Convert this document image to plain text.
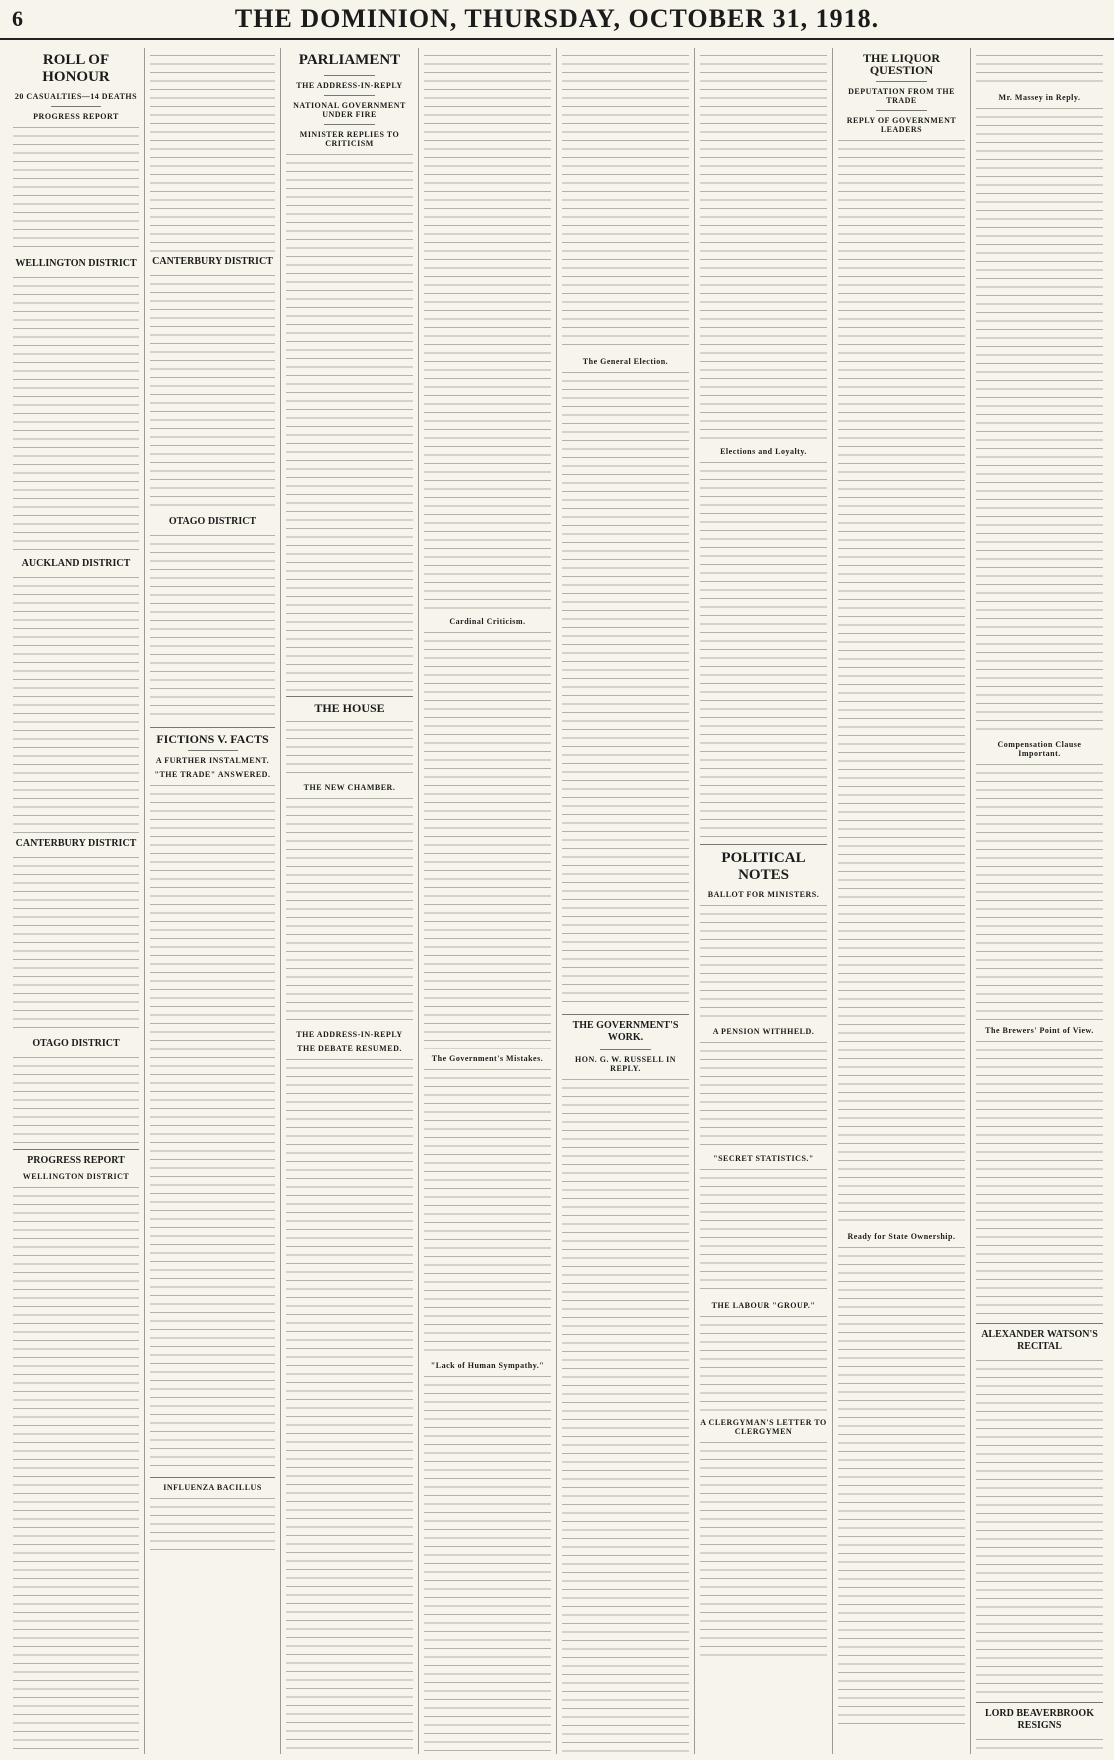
6	THE DOMINION, THURSDAY, OCTOBER 31, 1918.
ROLL OF HONOUR
20 CASUALTIES—14 DEATHS
PROGRESS REPORT
WELLINGTON DISTRICT
AUCKLAND DISTRICT
CANTERBURY DISTRICT
OTAGO DISTRICT
PROGRESS REPORT
WELLINGTON DISTRICT
CANTERBURY DISTRICT
OTAGO DISTRICT
FICTIONS V. FACTS
A FURTHER INSTALMENT.
"THE TRADE" ANSWERED.
INFLUENZA BACILLUS
PARLIAMENT
THE ADDRESS-IN-REPLY
NATIONAL GOVERNMENT UNDER FIRE
MINISTER REPLIES TO CRITICISM
THE HOUSE
THE NEW CHAMBER.
THE ADDRESS-IN-REPLY
THE DEBATE RESUMED.
Cardinal Criticism.
The Government's Mistakes.
"Lack of Human Sympathy."
The General Election.
THE GOVERNMENT'S WORK.
HON. G. W. RUSSELL IN REPLY.
Elections and Loyalty.
POLITICAL NOTES
BALLOT FOR MINISTERS.
A PENSION WITHHELD.
"SECRET STATISTICS."
THE LABOUR "GROUP."
A CLERGYMAN'S LETTER TO CLERGYMEN
THE LIQUOR QUESTION
DEPUTATION FROM THE TRADE
REPLY OF GOVERNMENT LEADERS
Ready for State Ownership.
Mr. Massey in Reply.
Compensation Clause Important.
The Brewers' Point of View.
ALEXANDER WATSON'S RECITAL
LORD BEAVERBROOK RESIGNS
